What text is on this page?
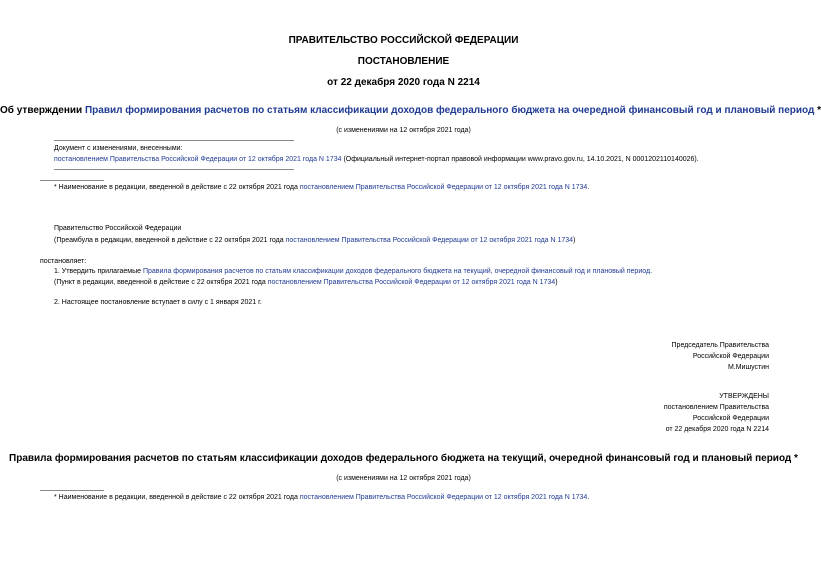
ПРАВИТЕЛЬСТВО РОССИЙСКОЙ ФЕДЕРАЦИИ
ПОСТАНОВЛЕНИЕ
от 22 декабря 2020 года N 2214
Об утверждении Правил формирования расчетов по статьям классификации доходов федерального бюджета на очередной финансовый год и плановый период *
(с изменениями на 12 октября 2021 года)
Документ с изменениями, внесенными:
постановлением Правительства Российской Федерации от 12 октября 2021 года N 1734 (Официальный интернет-портал правовой информации www.pravo.gov.ru, 14.10.2021, N 0001202110140026).
* Наименование в редакции, введенной в действие с 22 октября 2021 года постановлением Правительства Российской Федерации от 12 октября 2021 года N 1734.
Правительство Российской Федерации
(Преамбула в редакции, введенной в действие с 22 октября 2021 года постановлением Правительства Российской Федерации от 12 октября 2021 года N 1734)
постановляет:
1. Утвердить прилагаемые Правила формирования расчетов по статьям классификации доходов федерального бюджета на текущий, очередной финансовый год и плановый период.
(Пункт в редакции, введенной в действие с 22 октября 2021 года постановлением Правительства Российской Федерации от 12 октября 2021 года N 1734)
2. Настоящее постановление вступает в силу с 1 января 2021 г.
Председатель Правительства
Российской Федерации
М.Мишустин
УТВЕРЖДЕНЫ
постановлением Правительства
Российской Федерации
от 22 декабря 2020 года N 2214
Правила формирования расчетов по статьям классификации доходов федерального бюджета на текущий, очередной финансовый год и плановый период *
(с изменениями на 12 октября 2021 года)
* Наименование в редакции, введенной в действие с 22 октября 2021 года постановлением Правительства Российской Федерации от 12 октября 2021 года N 1734.
